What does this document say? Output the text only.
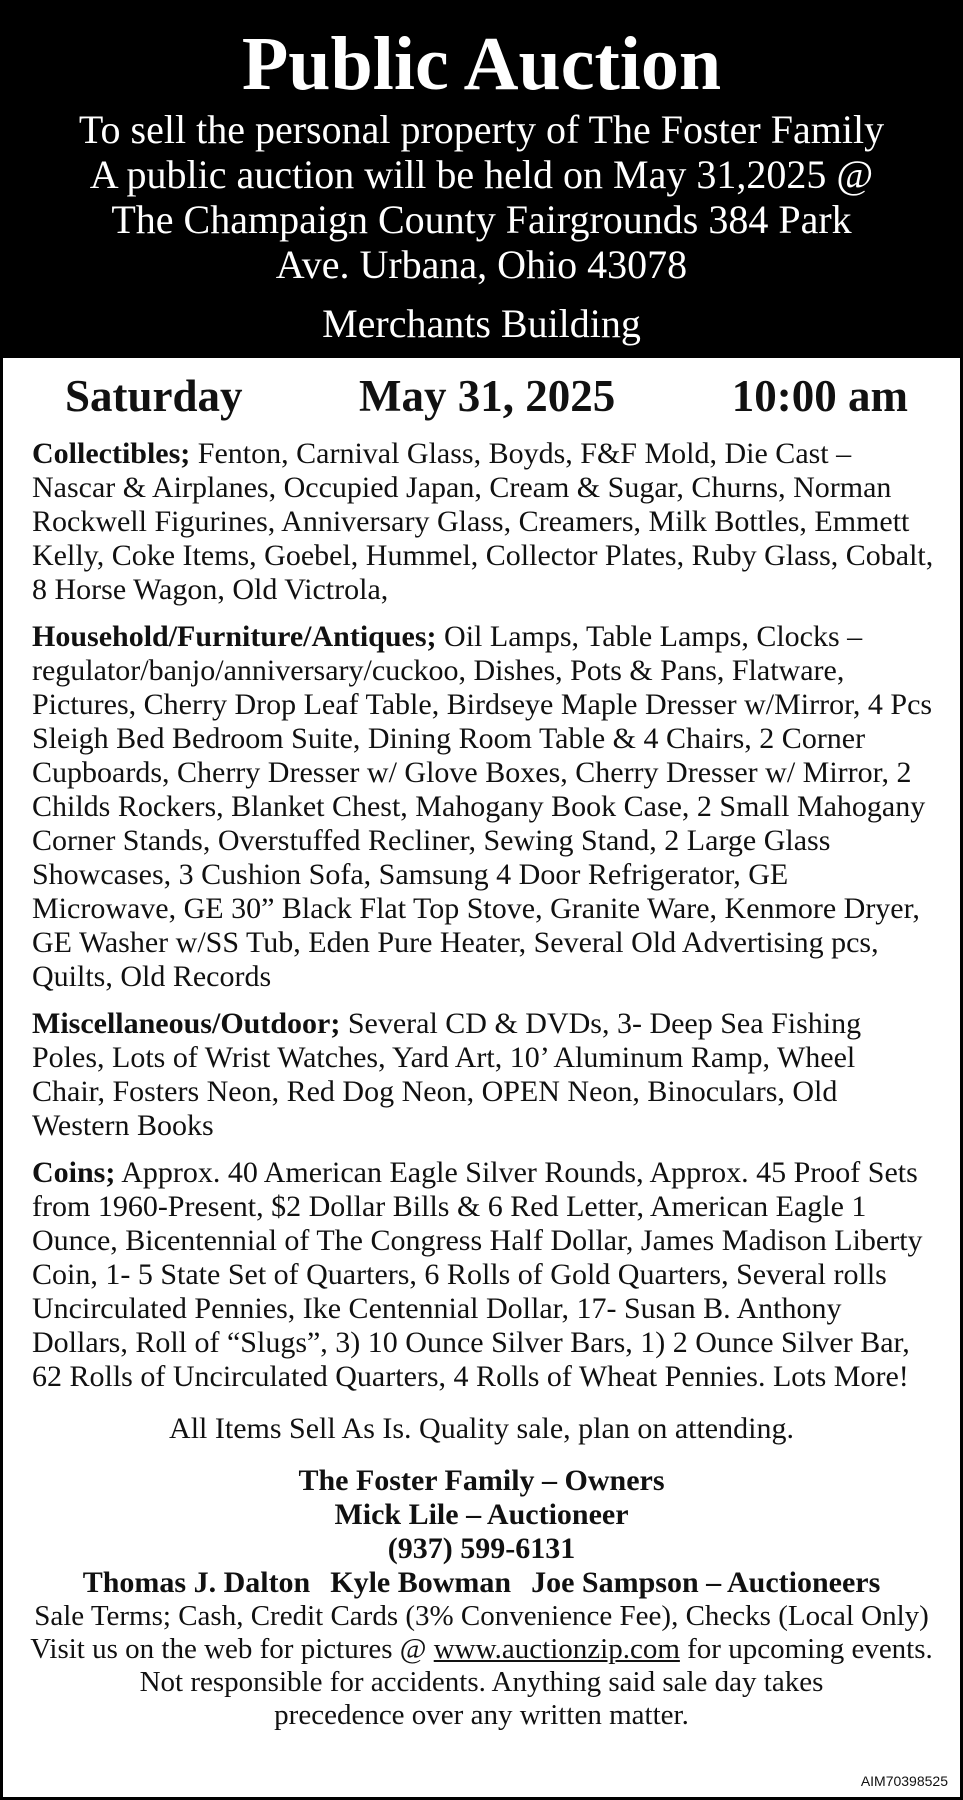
Public Auction
To sell the personal property of The Foster Family
A public auction will be held on May 31,2025 @
The Champaign County Fairgrounds 384 Park
Ave. Urbana, Ohio 43078
Merchants Building
Saturday	May 31, 2025	10:00 am
Collectibles; Fenton, Carnival Glass, Boyds, F&F Mold, Die Cast – Nascar & Airplanes, Occupied Japan, Cream & Sugar, Churns, Norman Rockwell Figurines, Anniversary Glass, Creamers, Milk Bottles, Emmett Kelly, Coke Items, Goebel, Hummel, Collector Plates, Ruby Glass, Cobalt, 8 Horse Wagon, Old Victrola,
Household/Furniture/Antiques; Oil Lamps, Table Lamps, Clocks – regulator/banjo/anniversary/cuckoo, Dishes, Pots & Pans, Flatware, Pictures, Cherry Drop Leaf Table, Birdseye Maple Dresser w/Mirror, 4 Pcs Sleigh Bed Bedroom Suite, Dining Room Table & 4 Chairs, 2 Corner Cupboards, Cherry Dresser w/ Glove Boxes, Cherry Dresser w/ Mirror, 2 Childs Rockers, Blanket Chest, Mahogany Book Case, 2 Small Mahogany Corner Stands, Overstuffed Recliner, Sewing Stand, 2 Large Glass Showcases, 3 Cushion Sofa, Samsung 4 Door Refrigerator, GE Microwave, GE 30” Black Flat Top Stove, Granite Ware, Kenmore Dryer, GE Washer w/SS Tub, Eden Pure Heater, Several Old Advertising pcs, Quilts, Old Records
Miscellaneous/Outdoor; Several CD & DVDs, 3- Deep Sea Fishing Poles, Lots of Wrist Watches, Yard Art, 10’ Aluminum Ramp, Wheel Chair, Fosters Neon, Red Dog Neon, OPEN Neon, Binoculars, Old Western Books
Coins; Approx. 40 American Eagle Silver Rounds, Approx. 45 Proof Sets from 1960-Present, $2 Dollar Bills & 6 Red Letter, American Eagle 1 Ounce, Bicentennial of The Congress Half Dollar, James Madison Liberty Coin, 1- 5 State Set of Quarters, 6 Rolls of Gold Quarters, Several rolls Uncirculated Pennies, Ike Centennial Dollar, 17- Susan B. Anthony Dollars, Roll of “Slugs”, 3) 10 Ounce Silver Bars, 1) 2 Ounce Silver Bar, 62 Rolls of Uncirculated Quarters, 4 Rolls of Wheat Pennies. Lots More!
All Items Sell As Is. Quality sale, plan on attending.
The Foster Family – Owners
Mick Lile – Auctioneer
(937) 599-6131
Thomas J. Dalton Kyle Bowman Joe Sampson – Auctioneers
Sale Terms; Cash, Credit Cards (3% Convenience Fee), Checks (Local Only)
Visit us on the web for pictures @ www.auctionzip.com for upcoming events.
Not responsible for accidents. Anything said sale day takes
precedence over any written matter.
AIM70398525
